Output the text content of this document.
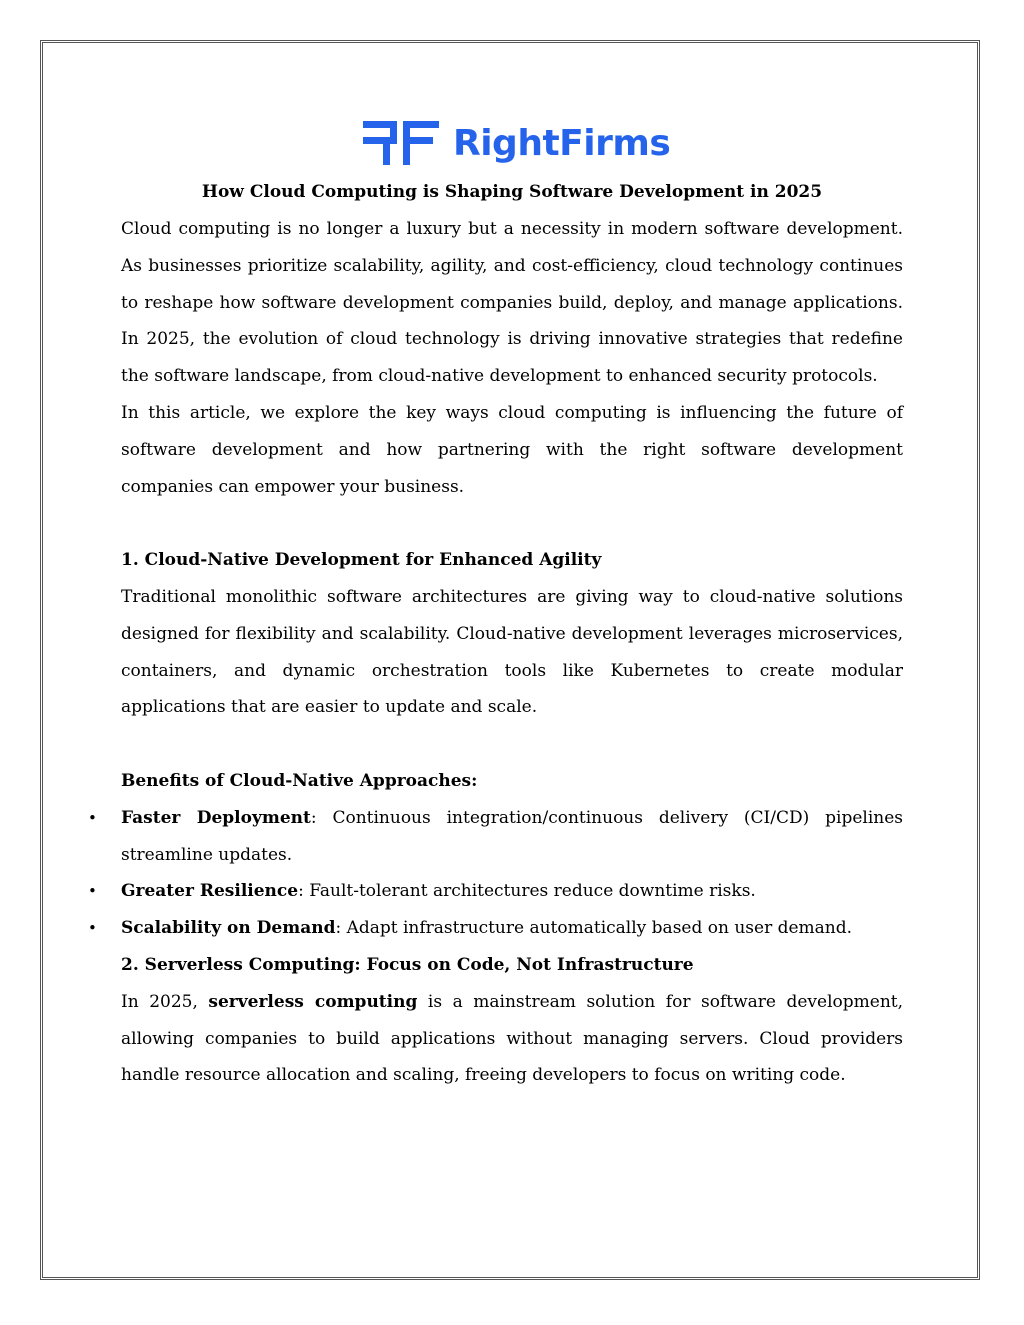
RightFirms
How Cloud Computing is Shaping Software Development in 2025

Cloud computing is no longer a luxury but a necessity in modern software development. As businesses prioritize scalability, agility, and cost-efficiency, cloud technology continues to reshape how software development companies build, deploy, and manage applications. In 2025, the evolution of cloud technology is driving innovative strategies that redefine the software landscape, from cloud-native development to enhanced security protocols.

In this article, we explore the key ways cloud computing is influencing the future of software development and how partnering with the right software development companies can empower your business.

1. Cloud-Native Development for Enhanced Agility

Traditional monolithic software architectures are giving way to cloud-native solutions designed for flexibility and scalability. Cloud-native development leverages microservices, containers, and dynamic orchestration tools like Kubernetes to create modular applications that are easier to update and scale.

Benefits of Cloud-Native Approaches:

• Faster Deployment: Continuous integration/continuous delivery (CI/CD) pipelines streamline updates.
• Greater Resilience: Fault-tolerant architectures reduce downtime risks.
• Scalability on Demand: Adapt infrastructure automatically based on user demand.

2. Serverless Computing: Focus on Code, Not Infrastructure

In 2025, serverless computing is a mainstream solution for software development, allowing companies to build applications without managing servers. Cloud providers handle resource allocation and scaling, freeing developers to focus on writing code.
